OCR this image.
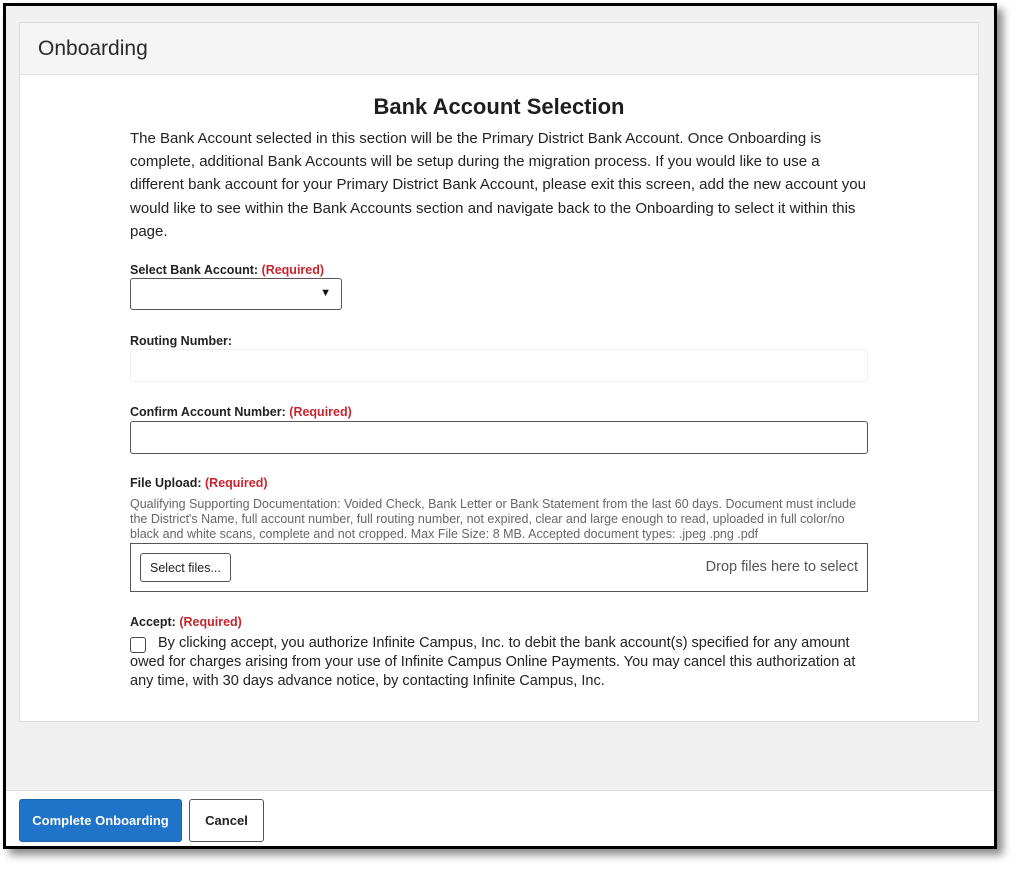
Onboarding
Bank Account Selection

The Bank Account selected in this section will be the Primary District Bank Account. Once Onboarding is complete, additional Bank Accounts will be setup during the migration process. If you would like to use a different bank account for your Primary District Bank Account, please exit this screen, add the new account you would like to see within the Bank Accounts section and navigate back to the Onboarding to select it within this page.

Select Bank Account: (Required)
▼
Routing Number:
Confirm Account Number: (Required)
File Upload: (Required)

Qualifying Supporting Documentation: Voided Check, Bank Letter or Bank Statement from the last 60 days. Document must include the District's Name, full account number, full routing number, not expired, clear and large enough to read, uploaded in full color/no black and white scans, complete and not cropped. Max File Size: 8 MB. Accepted document types: .jpeg .png .pdf

Select files...	Drop files here to select
Accept: (Required)

By clicking accept, you authorize Infinite Campus, Inc. to debit the bank account(s) specified for any amount owed for charges arising from your use of Infinite Campus Online Payments. You may cancel this authorization at any time, with 30 days advance notice, by contacting Infinite Campus, Inc.

Complete Onboarding	Cancel
